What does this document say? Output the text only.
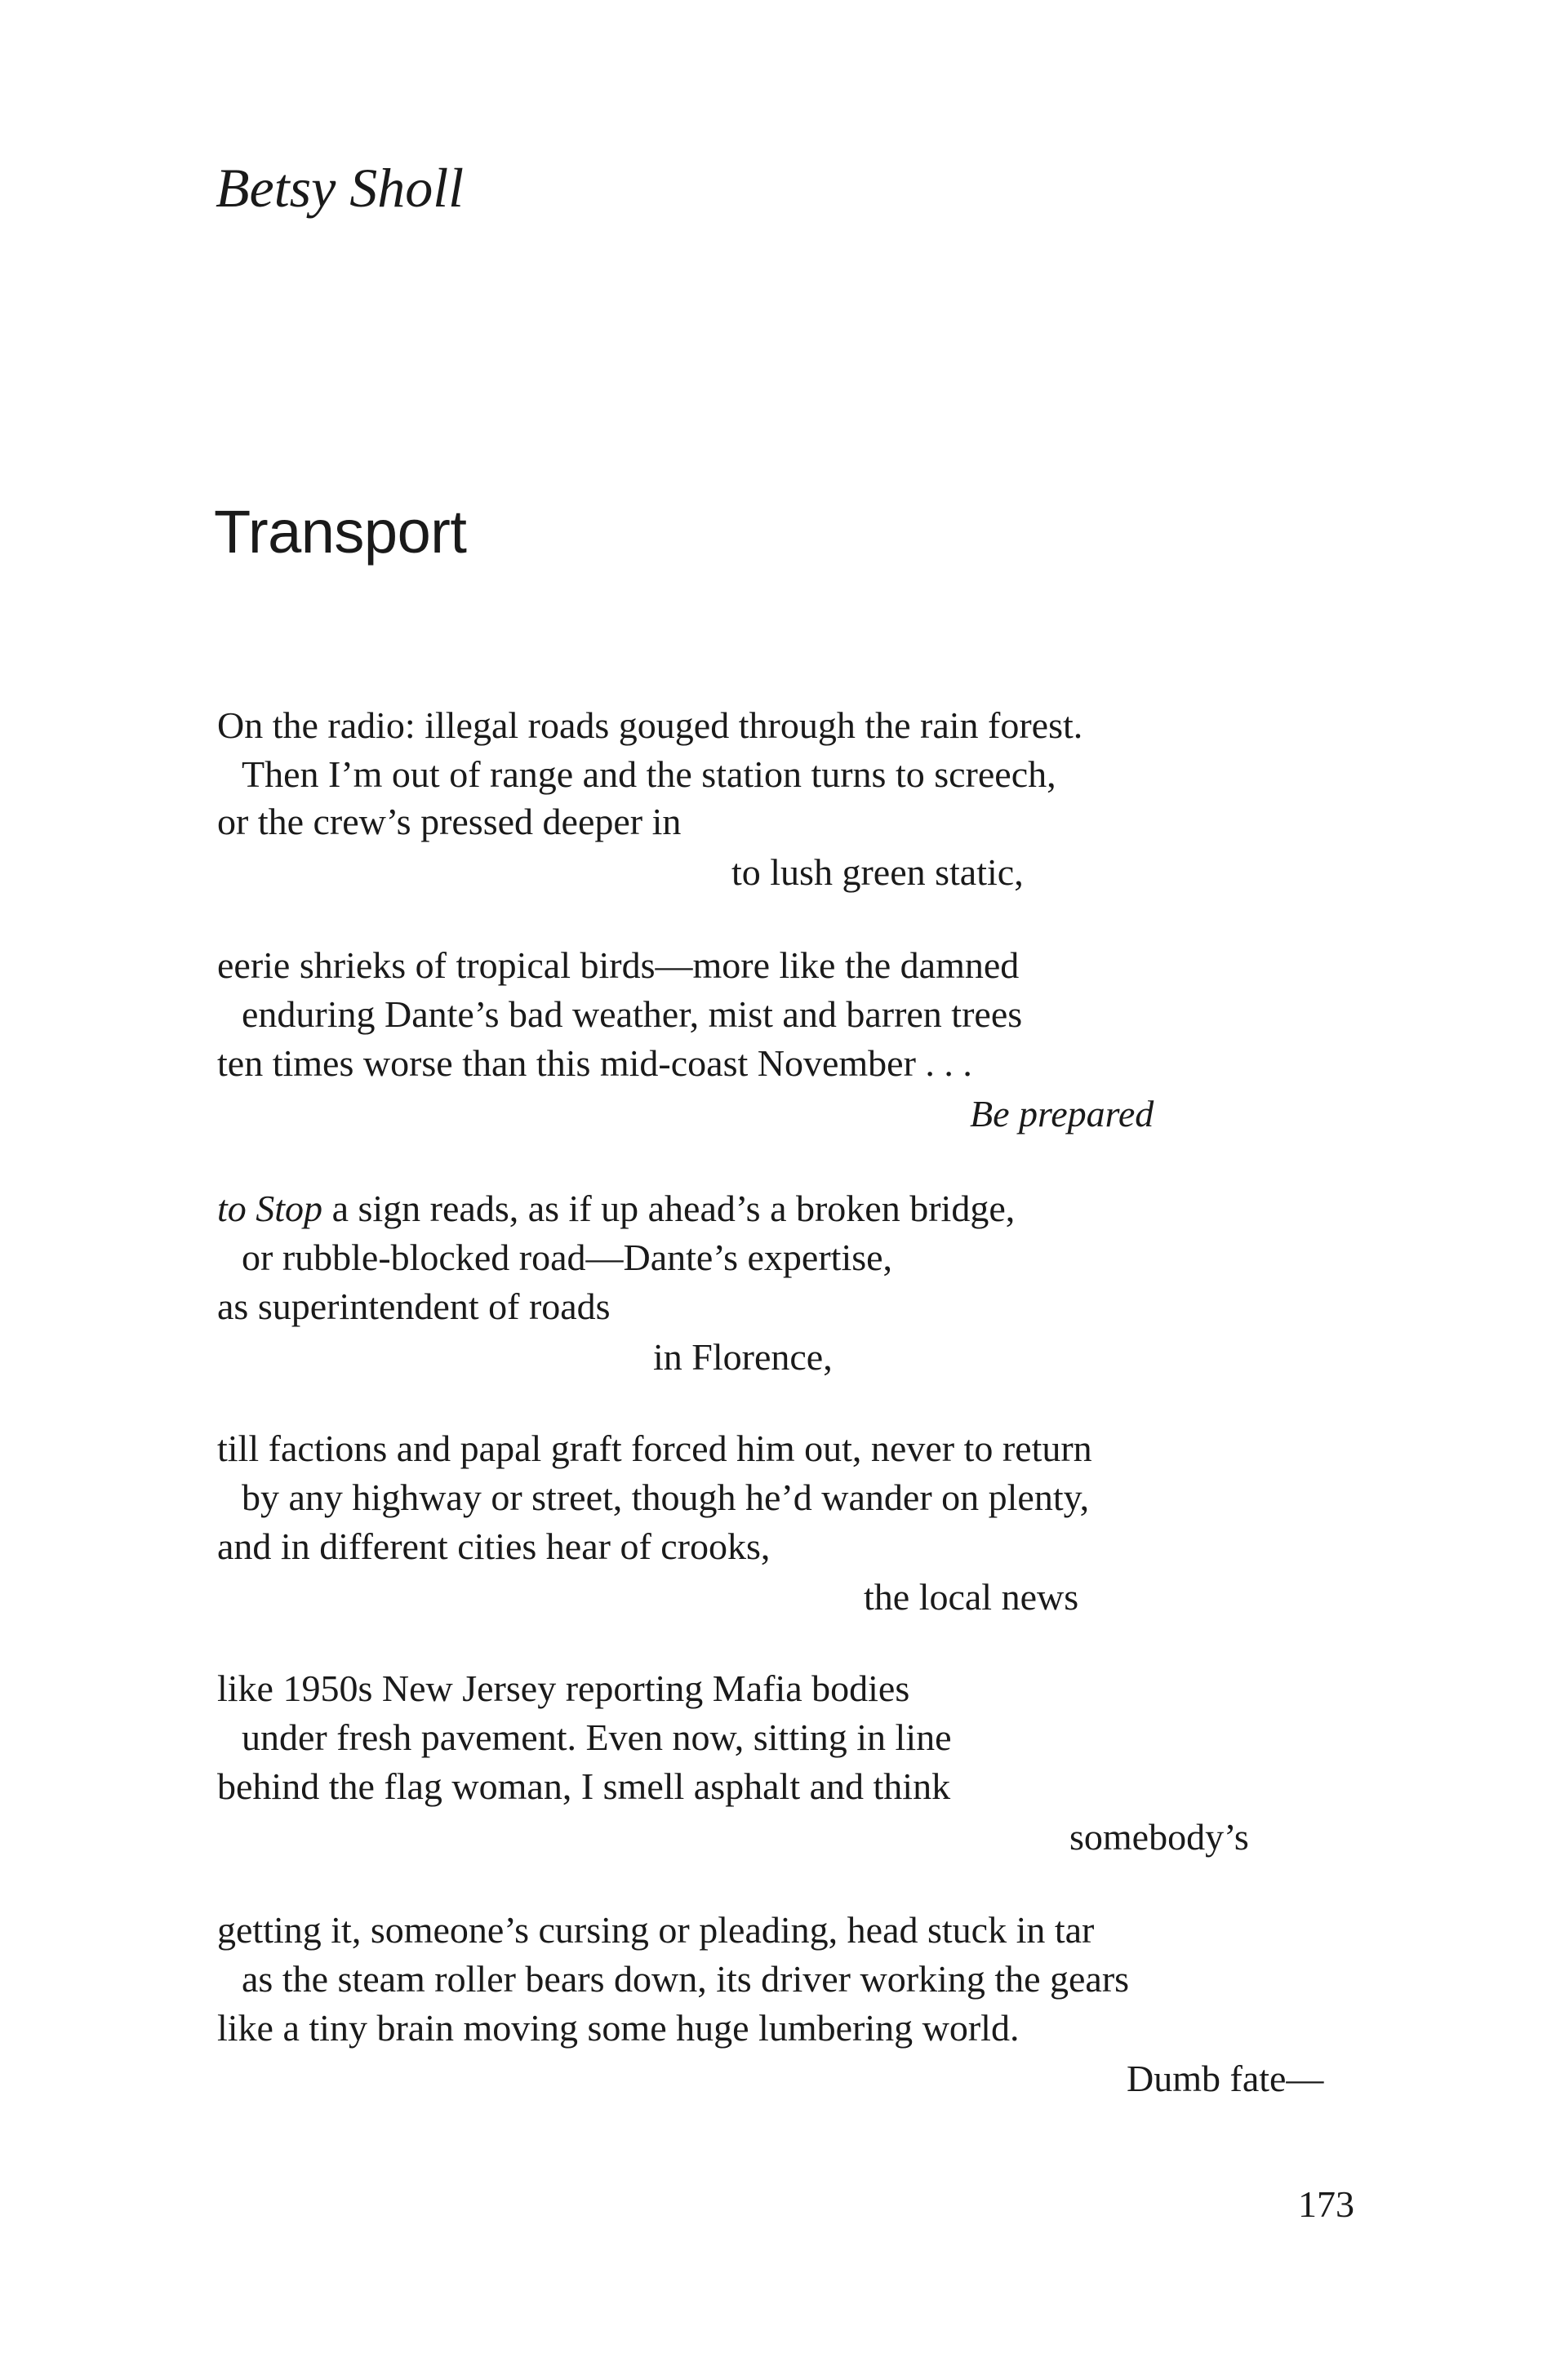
Betsy Sholl
Transport
On the radio: illegal roads gouged through the rain forest.
Then I’m out of range and the station turns to screech,
or the crew’s pressed deeper in
to lush green static,
eerie shrieks of tropical birds—more like the damned
enduring Dante’s bad weather, mist and barren trees
ten times worse than this mid-coast November . . .
Be prepared
to Stop a sign reads, as if up ahead’s a broken bridge,
or rubble-blocked road—Dante’s expertise,
as superintendent of roads
in Florence,
till factions and papal graft forced him out, never to return
by any highway or street, though he’d wander on plenty,
and in different cities hear of crooks,
the local news
like 1950s New Jersey reporting Mafia bodies
under fresh pavement. Even now, sitting in line
behind the flag woman, I smell asphalt and think
somebody’s
getting it, someone’s cursing or pleading, head stuck in tar
as the steam roller bears down, its driver working the gears
like a tiny brain moving some huge lumbering world.
Dumb fate—
173
